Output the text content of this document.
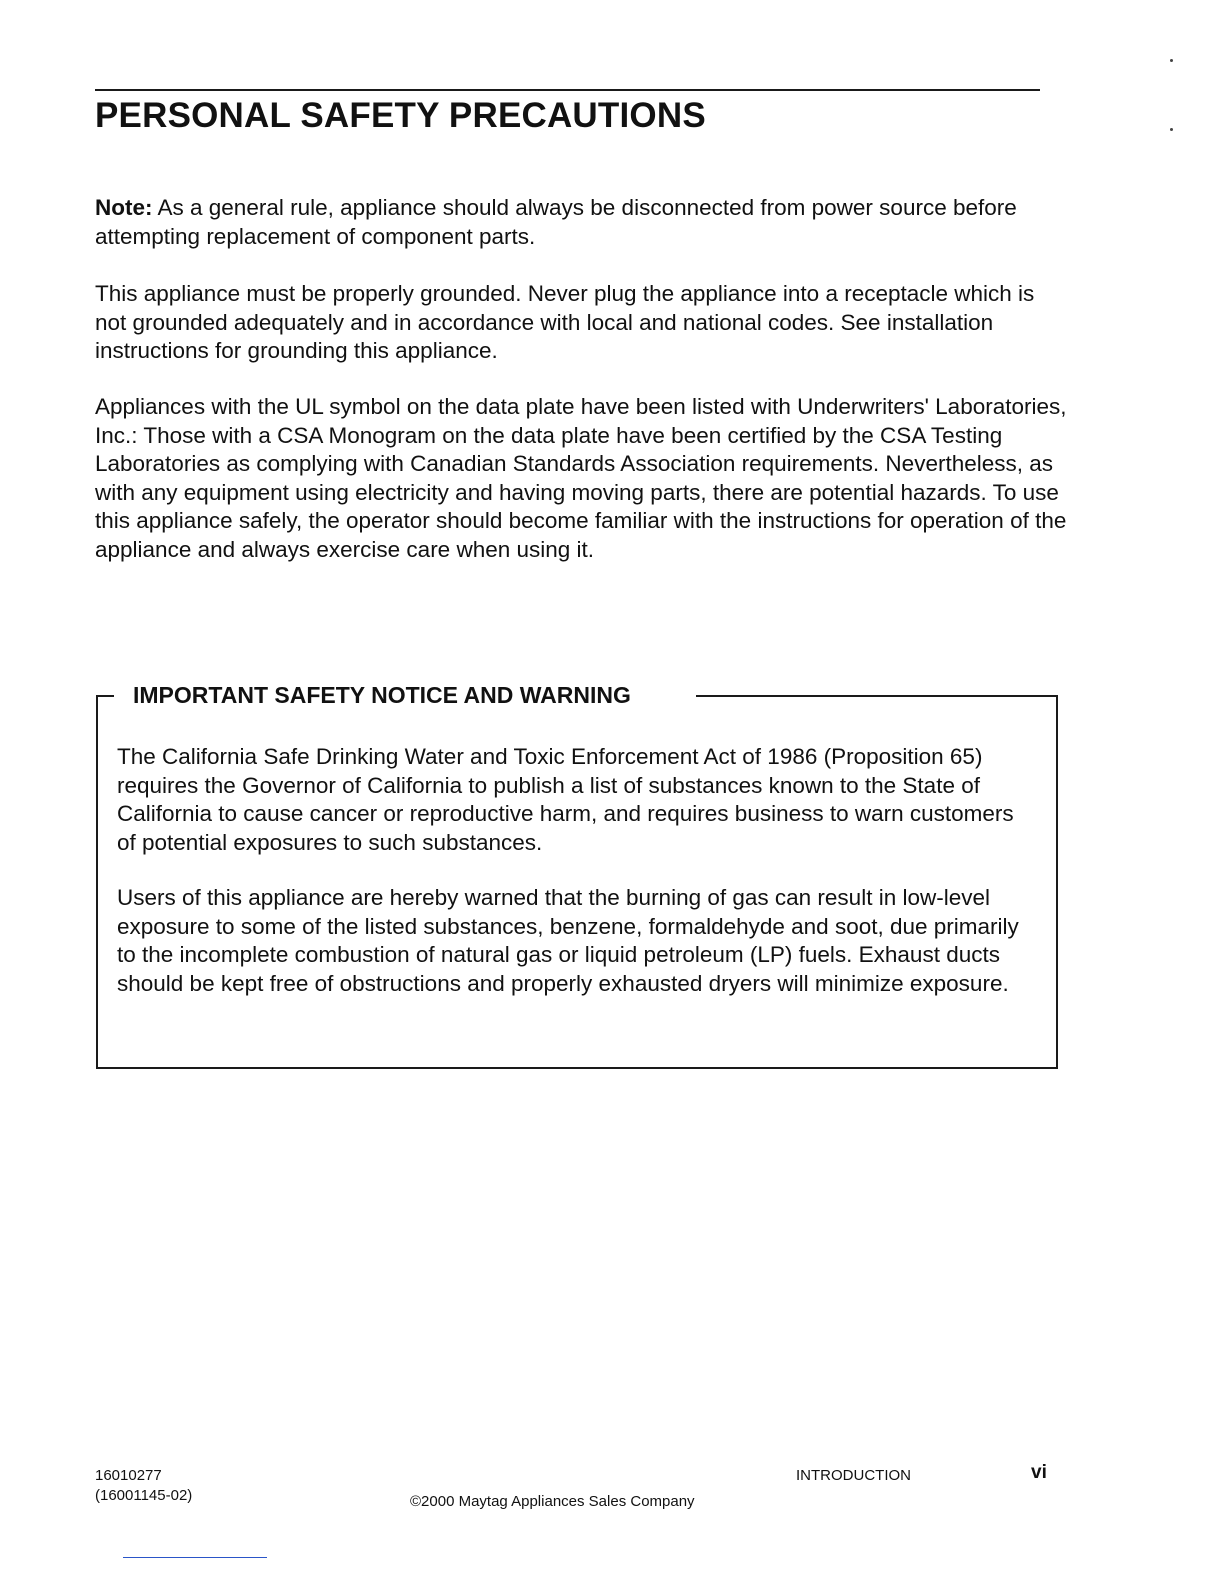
PERSONAL SAFETY PRECAUTIONS

Note: As a general rule, appliance should always be disconnected from power source before attempting replacement of component parts.

This appliance must be properly grounded. Never plug the appliance into a receptacle which is not grounded adequately and in accordance with local and national codes. See installation instructions for grounding this appliance.

Appliances with the UL symbol on the data plate have been listed with Underwriters' Laboratories, Inc.: Those with a CSA Monogram on the data plate have been certified by the CSA Testing Laboratories as complying with Canadian Standards Association requirements. Nevertheless, as with any equipment using electricity and having moving parts, there are potential hazards. To use this appliance safely, the operator should become familiar with the instructions for operation of the appliance and always exercise care when using it.

IMPORTANT SAFETY NOTICE AND WARNING

The California Safe Drinking Water and Toxic Enforcement Act of 1986 (Proposition 65) requires the Governor of California to publish a list of substances known to the State of California to cause cancer or reproductive harm, and requires business to warn customers of potential exposures to such substances.

Users of this appliance are hereby warned that the burning of gas can result in low-level exposure to some of the listed substances, benzene, formaldehyde and soot, due primarily to the incomplete combustion of natural gas or liquid petroleum (LP) fuels. Exhaust ducts should be kept free of obstructions and properly exhausted dryers will minimize exposure.

16010277
(16001145-02)
INTRODUCTION	vi
©2000 Maytag Appliances Sales Company
